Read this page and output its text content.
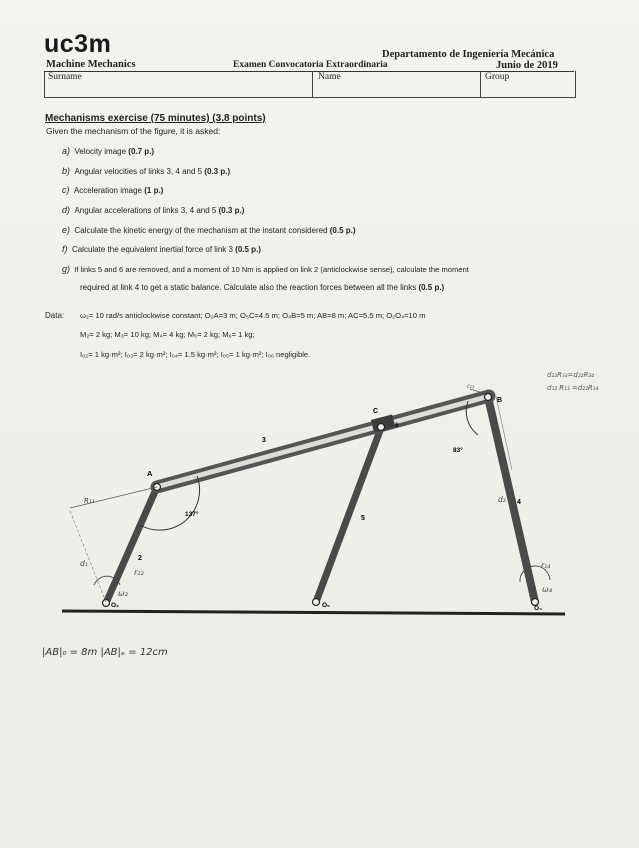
uc3m	Departamento de Ingeniería Mecánica
Machine Mechanics	Examen Convocatoria Extraordinaria	Junio de 2019
Surname	Name	Group
Mechanisms exercise (75 minutes) (3.8 points)
Given the mechanism of the figure, it is asked:
a) Velocity image (0.7 p.)
b) Angular velocities of links 3, 4 and 5 (0.3 p.)
c) Acceleration image (1 p.)
d) Angular accelerations of links 3, 4 and 5 (0.3 p.)
e) Calculate the kinetic energy of the mechanism at the instant considered (0.5 p.)
f) Calculate the equivalent inertial force of link 3 (0.5 p.)
g) If links 5 and 6 are removed, and a moment of 10 Nm is applied on link 2 (anticlockwise sense), calculate the moment
required at link 4 to get a static balance. Calculate also the reaction forces between all the links (0.5 p.)
Data: ω₂= 10 rad/s anticlockwise constant; O₂A=3 m; O₅C=4.5 m; O₄B=5 m; AB=8 m; AC=5.5 m; O₂O₄=10 m
M₂= 2 kg; M₃= 10 kg; M₄= 4 kg; M₅= 2 kg; M₆= 1 kg;
I₀₂= 1 kg·m²; I₀₃= 2 kg·m²; I₀₄= 1.5 kg·m²; I₀₅= 1 kg·m²; I₀₆ negligible.
A
B
C
O₂	O₅	O₄
2
3
4
5
6
137°
83°
d₂₂R₁₃=d₂₂R₃₄
d₁₂ R₁₃ =d₂₂R₃₄
R₁₃
d₁
d₂
r₁₂
ω₂
r₁₄
ω₄
r₁₃
|AB|₀ = 8m |AB|ₑ = 12cm
